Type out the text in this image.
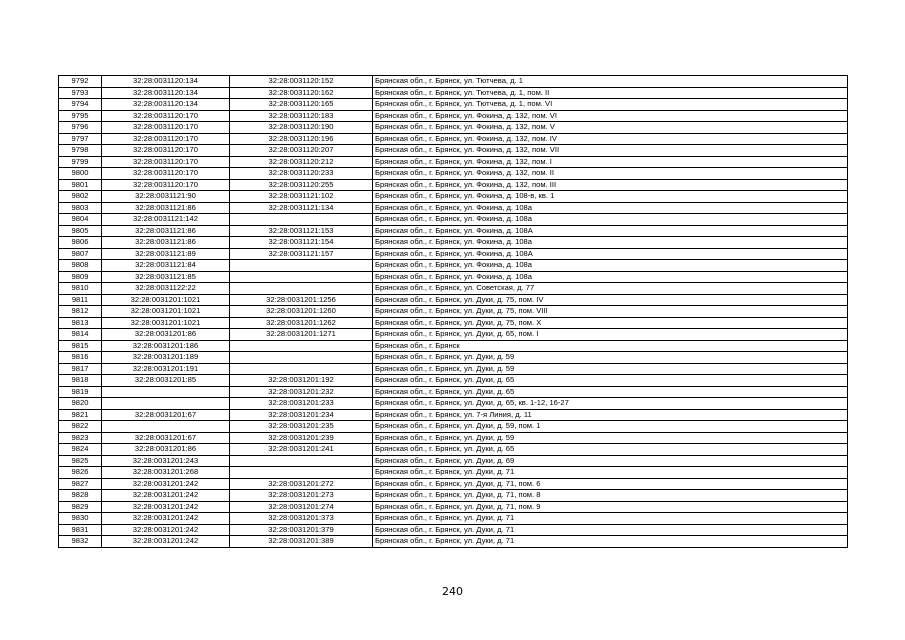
9792	32:28:0031120:134	32:28:0031120:152	Брянская обл., г. Брянск, ул. Тютчева, д. 1
9793	32:28:0031120:134	32:28:0031120:162	Брянская обл., г. Брянск, ул. Тютчева, д. 1, пом. II
9794	32:28:0031120:134	32:28:0031120:165	Брянская обл., г. Брянск, ул. Тютчева, д. 1, пом. VI
9795	32:28:0031120:170	32:28:0031120:183	Брянская обл., г. Брянск, ул. Фокина, д. 132, пом. VI
9796	32:28:0031120:170	32:28:0031120:190	Брянская обл., г. Брянск, ул. Фокина, д. 132, пом. V
9797	32:28:0031120:170	32:28:0031120:196	Брянская обл., г. Брянск, ул. Фокина, д. 132, пом. IV
9798	32:28:0031120:170	32:28:0031120:207	Брянская обл., г. Брянск, ул. Фокина, д. 132, пом. VII
9799	32:28:0031120:170	32:28:0031120:212	Брянская обл., г. Брянск, ул. Фокина, д. 132, пом. I
9800	32:28:0031120:170	32:28:0031120:233	Брянская обл., г. Брянск, ул. Фокина, д. 132, пом. II
9801	32:28:0031120:170	32:28:0031120:255	Брянская обл., г. Брянск, ул. Фокина, д. 132, пом. III
9802	32:28:0031121:90	32:28:0031121:102	Брянская обл., г. Брянск, ул. Фокина, д. 108-в, кв. 1
9803	32:28:0031121:86	32:28:0031121:134	Брянская обл., г. Брянск, ул. Фокина, д. 108а
9804	32:28:0031121:142		Брянская обл., г. Брянск, ул. Фокина, д. 108а
9805	32:28:0031121:86	32:28:0031121:153	Брянская обл., г. Брянск, ул. Фокина, д. 108А
9806	32:28:0031121:86	32:28:0031121:154	Брянская обл., г. Брянск, ул. Фокина, д. 108а
9807	32:28:0031121:89	32:28:0031121:157	Брянская обл., г. Брянск, ул. Фокина, д. 108А
9808	32:28:0031121:84		Брянская обл., г. Брянск, ул. Фокина, д. 108а
9809	32:28:0031121:85		Брянская обл., г. Брянск, ул. Фокина, д. 108а
9810	32:28:0031122:22		Брянская обл., г. Брянск, ул. Советская, д. 77
9811	32:28:0031201:1021	32:28:0031201:1256	Брянская обл., г. Брянск, ул. Дуки, д. 75, пом. IV
9812	32:28:0031201:1021	32:28:0031201:1260	Брянская обл., г. Брянск, ул. Дуки, д. 75, пом. VIII
9813	32:28:0031201:1021	32:28:0031201:1262	Брянская обл., г. Брянск, ул. Дуки, д. 75, пом. X
9814	32:28:0031201:86	32:28:0031201:1271	Брянская обл., г. Брянск, ул. Дуки, д. 65, пом. I
9815	32:28:0031201:186		Брянская обл., г. Брянск
9816	32:28:0031201:189		Брянская обл., г. Брянск, ул. Дуки, д. 59
9817	32:28:0031201:191		Брянская обл., г. Брянск, ул. Дуки, д. 59
9818	32:28:0031201:85	32:28:0031201:192	Брянская обл., г. Брянск, ул. Дуки, д. 65
9819		32:28:0031201:232	Брянская обл., г. Брянск, ул. Дуки, д. 65
9820		32:28:0031201:233	Брянская обл., г. Брянск, ул. Дуки, д. 65, кв. 1-12, 16-27
9821	32:28:0031201:67	32:28:0031201:234	Брянская обл., г. Брянск, ул. 7-я Линия, д. 11
9822		32:28:0031201:235	Брянская обл., г. Брянск, ул. Дуки, д. 59, пом. 1
9823	32:28:0031201:67	32:28:0031201:239	Брянская обл., г. Брянск, ул. Дуки, д. 59
9824	32:28:0031201:86	32:28:0031201:241	Брянская обл., г. Брянск, ул. Дуки, д. 65
9825	32:28:0031201:243		Брянская обл., г. Брянск, ул. Дуки, д. 69
9826	32:28:0031201:268		Брянская обл., г. Брянск, ул. Дуки, д. 71
9827	32:28:0031201:242	32:28:0031201:272	Брянская обл., г. Брянск, ул. Дуки, д. 71, пом. 6
9828	32:28:0031201:242	32:28:0031201:273	Брянская обл., г. Брянск, ул. Дуки, д. 71, пом. 8
9829	32:28:0031201:242	32:28:0031201:274	Брянская обл., г. Брянск, ул. Дуки, д. 71, пом. 9
9830	32:28:0031201:242	32:28:0031201:373	Брянская обл., г. Брянск, ул. Дуки, д. 71
9831	32:28:0031201:242	32:28:0031201:379	Брянская обл., г. Брянск, ул. Дуки, д. 71
9832	32:28:0031201:242	32:28:0031201:389	Брянская обл., г. Брянск, ул. Дуки, д. 71
240
